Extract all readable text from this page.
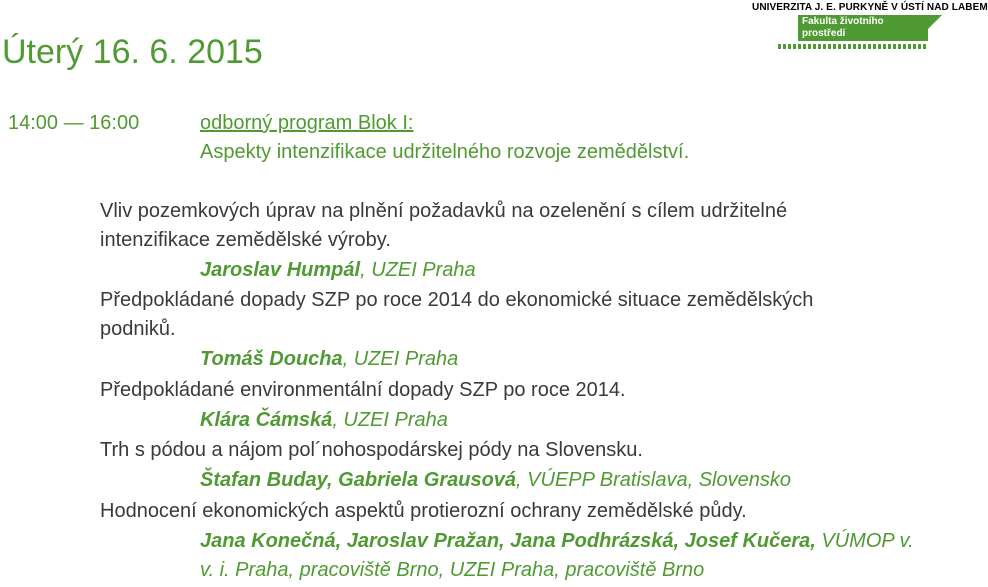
UNIVERZITA J. E. PURKYNĚ V ÚSTÍ NAD LABEM
Fakulta životního prostředí
Úterý 16. 6. 2015
14:00 — 16:00	odborný program Blok I:
Aspekty intenzifikace udržitelného rozvoje zemědělství.
Vliv pozemkových úprav na plnění požadavků na ozelenění s cílem udržitelné
intenzifikace zemědělské výroby.
Jaroslav Humpál, UZEI Praha
Předpokládané dopady SZP po roce 2014 do ekonomické situace zemědělských
podniků.
Tomáš Doucha, UZEI Praha
Předpokládané environmentální dopady SZP po roce 2014.
Klára Čámská, UZEI Praha
Trh s pódou a nájom pol´nohospodárskej pódy na Slovensku.
Štafan Buday, Gabriela Grausová, VÚEPP Bratislava, Slovensko
Hodnocení ekonomických aspektů protierozní ochrany zemědělské půdy.
Jana Konečná, Jaroslav Pražan, Jana Podhrázská, Josef Kučera, VÚMOP v.
v. i. Praha, pracoviště Brno, UZEI Praha, pracoviště Brno
